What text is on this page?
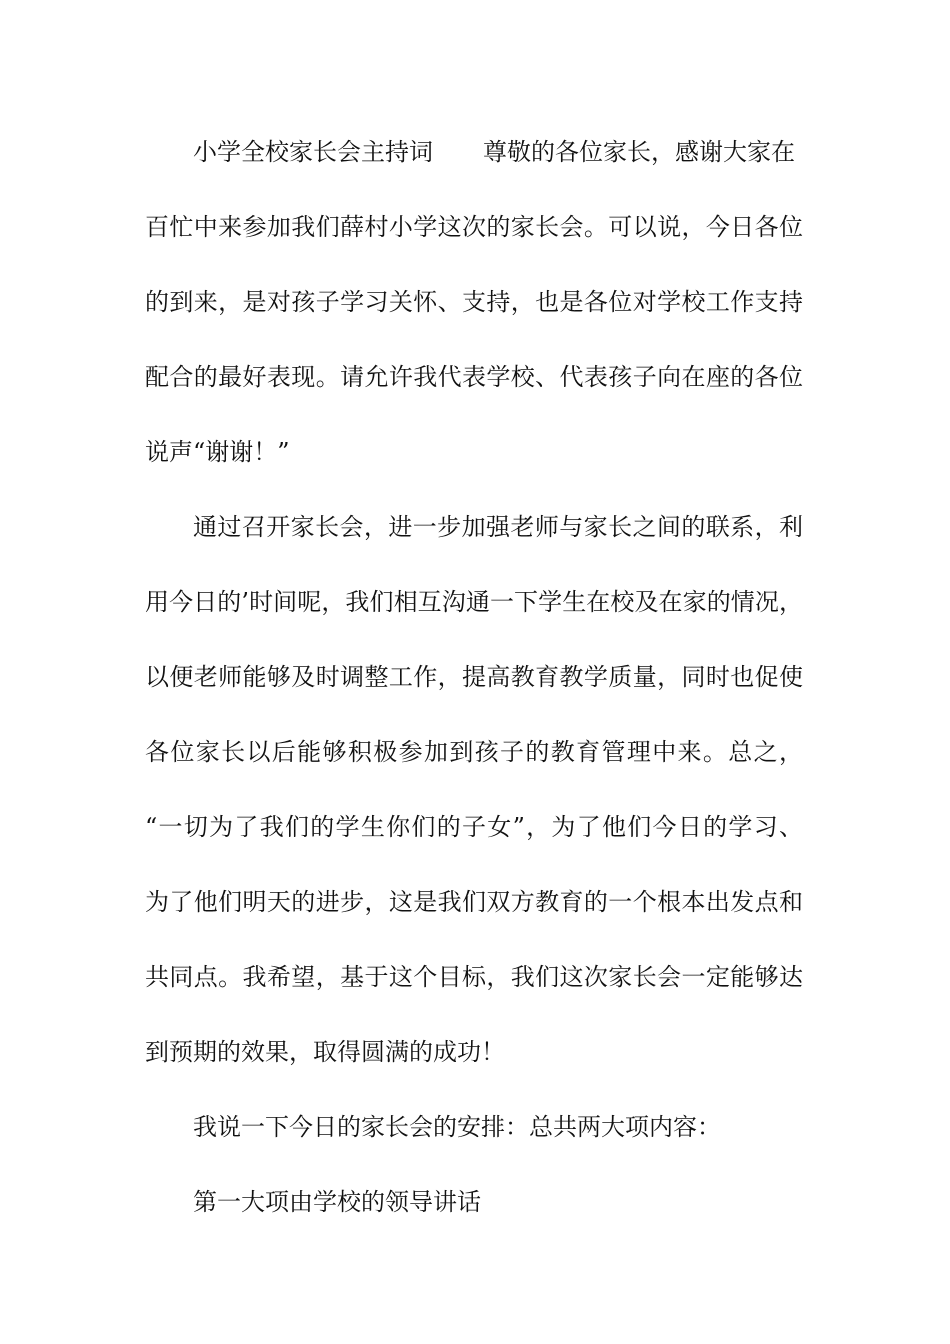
小学全校家长会主持词 尊敬的各位家长，感谢大家在
百忙中来参加我们薛村小学这次的家长会。可以说，今日各位
的到来，是对孩子学习关怀、支持，也是各位对学校工作支持
配合的最好表现。请允许我代表学校、代表孩子向在座的各位
说声“谢谢！”
通过召开家长会，进一步加强老师与家长之间的联系，利
用今日的’时间呢，我们相互沟通一下学生在校及在家的情况，
以便老师能够及时调整工作，提高教育教学质量，同时也促使
各位家长以后能够积极参加到孩子的教育管理中来。总之，
“一切为了我们的学生你们的子女”，为了他们今日的学习、
为了他们明天的进步，这是我们双方教育的一个根本出发点和
共同点。我希望，基于这个目标，我们这次家长会一定能够达
到预期的效果，取得圆满的成功！
我说一下今日的家长会的安排：总共两大项内容：
第一大项由学校的领导讲话
